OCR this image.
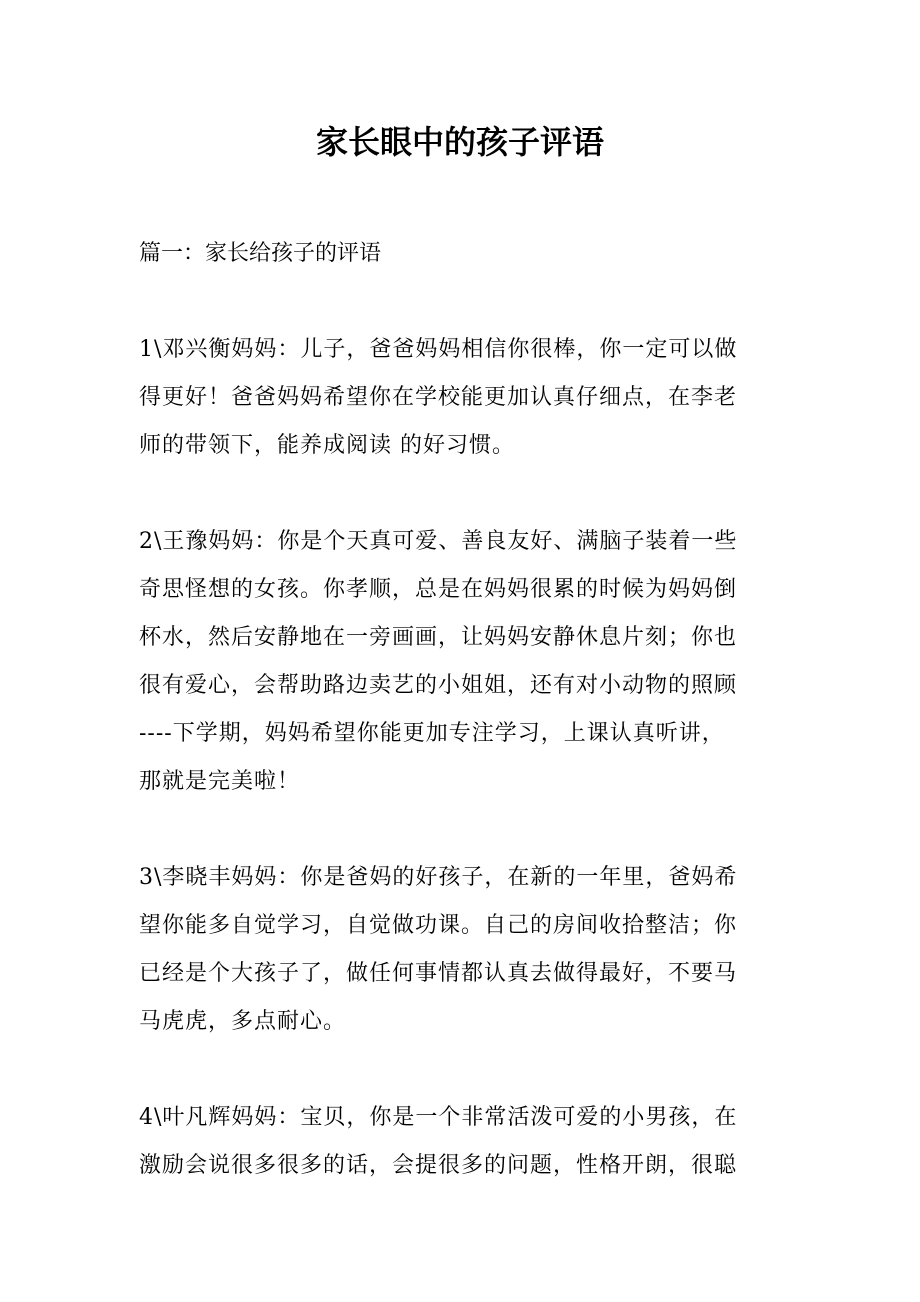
家长眼中的孩子评语
篇一：家长给孩子的评语
1\邓兴衡妈妈：儿子，爸爸妈妈相信你很棒，你一定可以做
得更好！爸爸妈妈希望你在学校能更加认真仔细点，在李老
师的带领下，能养成阅读 的好习惯。
2\王豫妈妈：你是个天真可爱、善良友好、满脑子装着一些
奇思怪想的女孩。你孝顺，总是在妈妈很累的时候为妈妈倒
杯水，然后安静地在一旁画画，让妈妈安静休息片刻；你也
很有爱心，会帮助路边卖艺的小姐姐，还有对小动物的照顾
----下学期，妈妈希望你能更加专注学习，上课认真听讲，
那就是完美啦！
3\李晓丰妈妈：你是爸妈的好孩子，在新的一年里，爸妈希
望你能多自觉学习，自觉做功课。自己的房间收拾整洁；你
已经是个大孩子了，做任何事情都认真去做得最好，不要马
马虎虎，多点耐心。
4\叶凡辉妈妈：宝贝，你是一个非常活泼可爱的小男孩，在
激励会说很多很多的话，会提很多的问题，性格开朗，很聪
